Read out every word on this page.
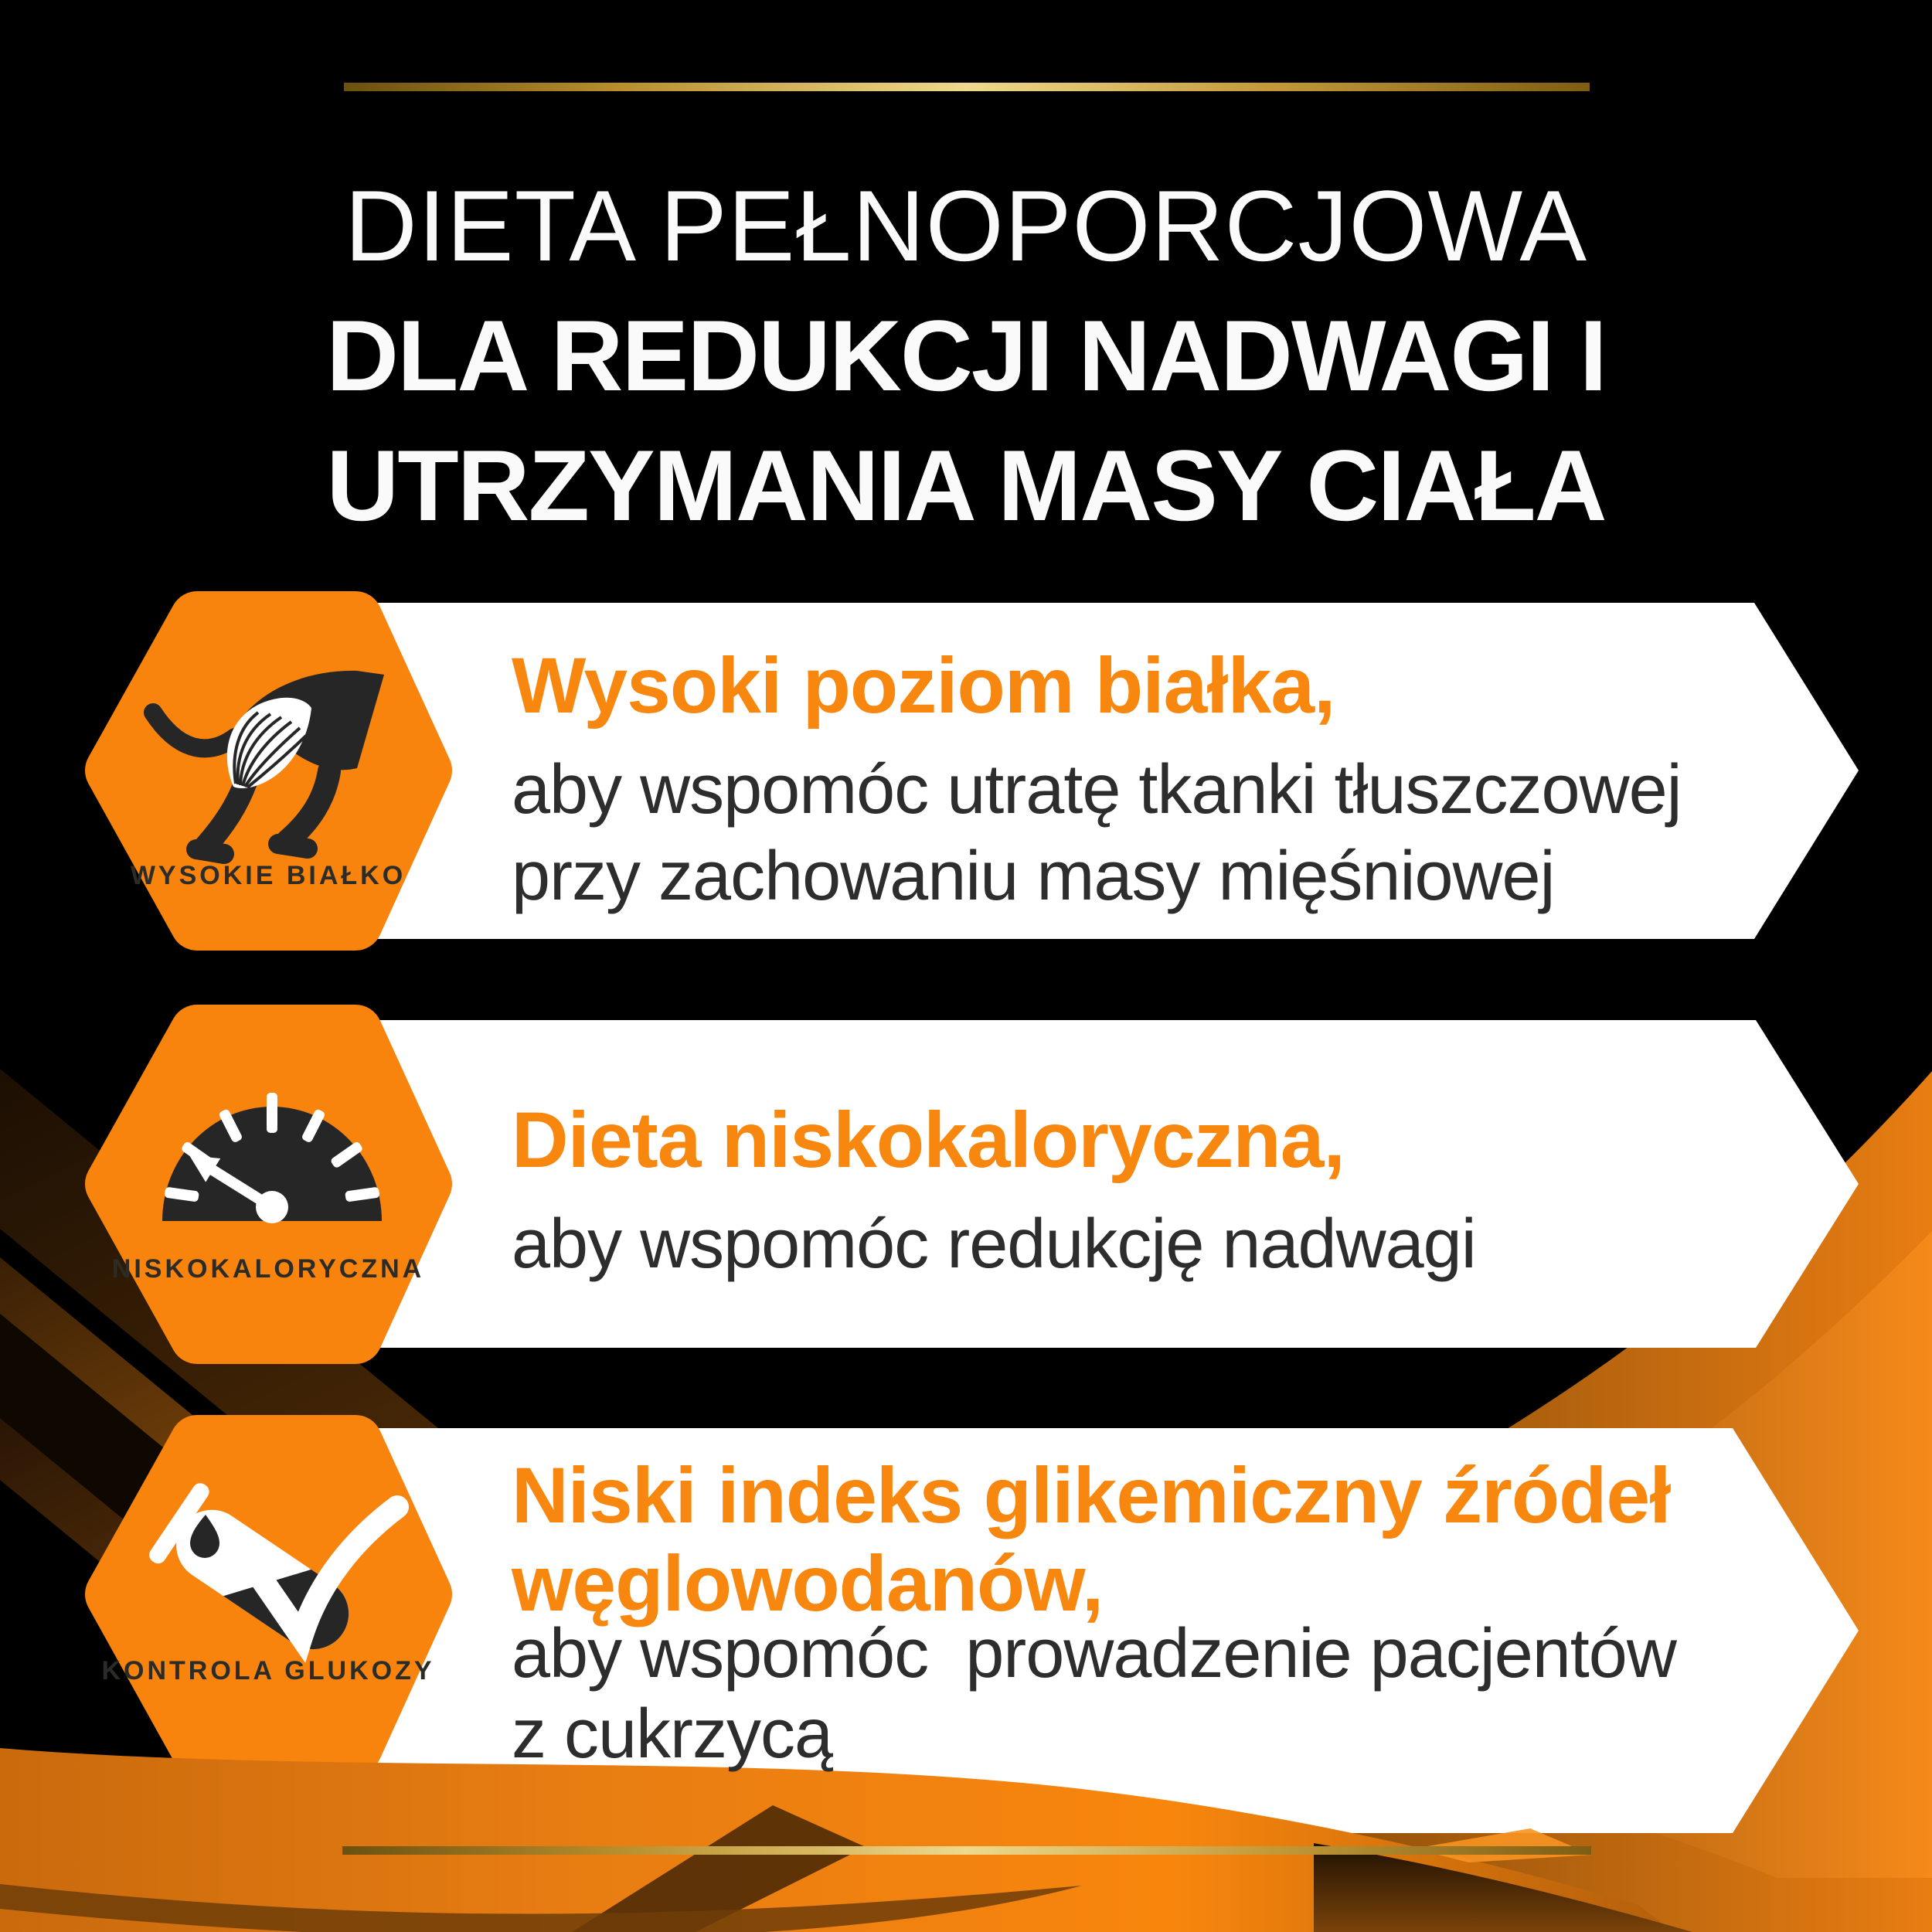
DIETA PEŁNOPORCJOWA
DLA REDUKCJI NADWAGI I
UTRZYMANIA MASY CIAŁA
WYSOKIE BIAŁKO
Wysoki poziom białka,
aby wspomóc utratę tkanki tłuszczowej przy zachowaniu masy mięśniowej
NISKOKALORYCZNA
Dieta niskokaloryczna,
aby wspomóc redukcję nadwagi
KONTROLA GLUKOZY
Niski indeks glikemiczny źródeł węglowodanów,
aby wspomóc  prowadzenie pacjentów z cukrzycą
